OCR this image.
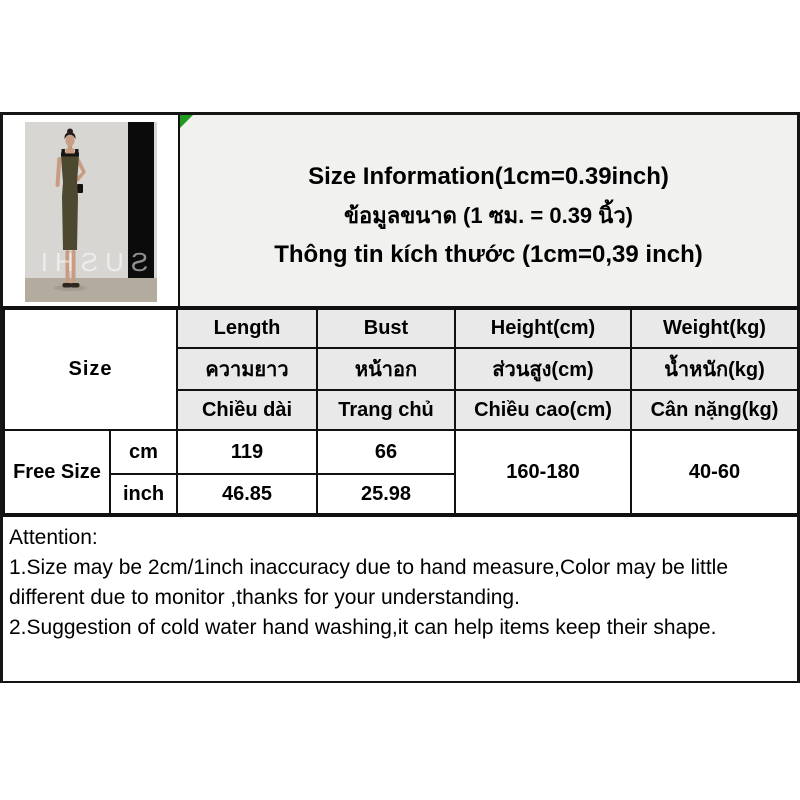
SUSHI
Size Information(1cm=0.39inch)
ข้อมูลขนาด (1 ซม. = 0.39 นิ้ว)
Thông tin kích thước (1cm=0,39 inch)
Size		Length	Bust	Height(cm)	Weight(kg)
		ความยาว	หน้าอก	ส่วนสูง(cm)	น้ำหนัก(kg)
		Chiều dài	Trang chủ	Chiều cao(cm)	Cân nặng(kg)
Free Size	cm	119	66	160-180	40-60
	inch	46.85	25.98		
Attention:
1.Size may be 2cm/1inch inaccuracy due to hand measure,Color may be little different due to monitor ,thanks for your understanding.
2.Suggestion of cold water hand washing,it can help items keep their shape.
